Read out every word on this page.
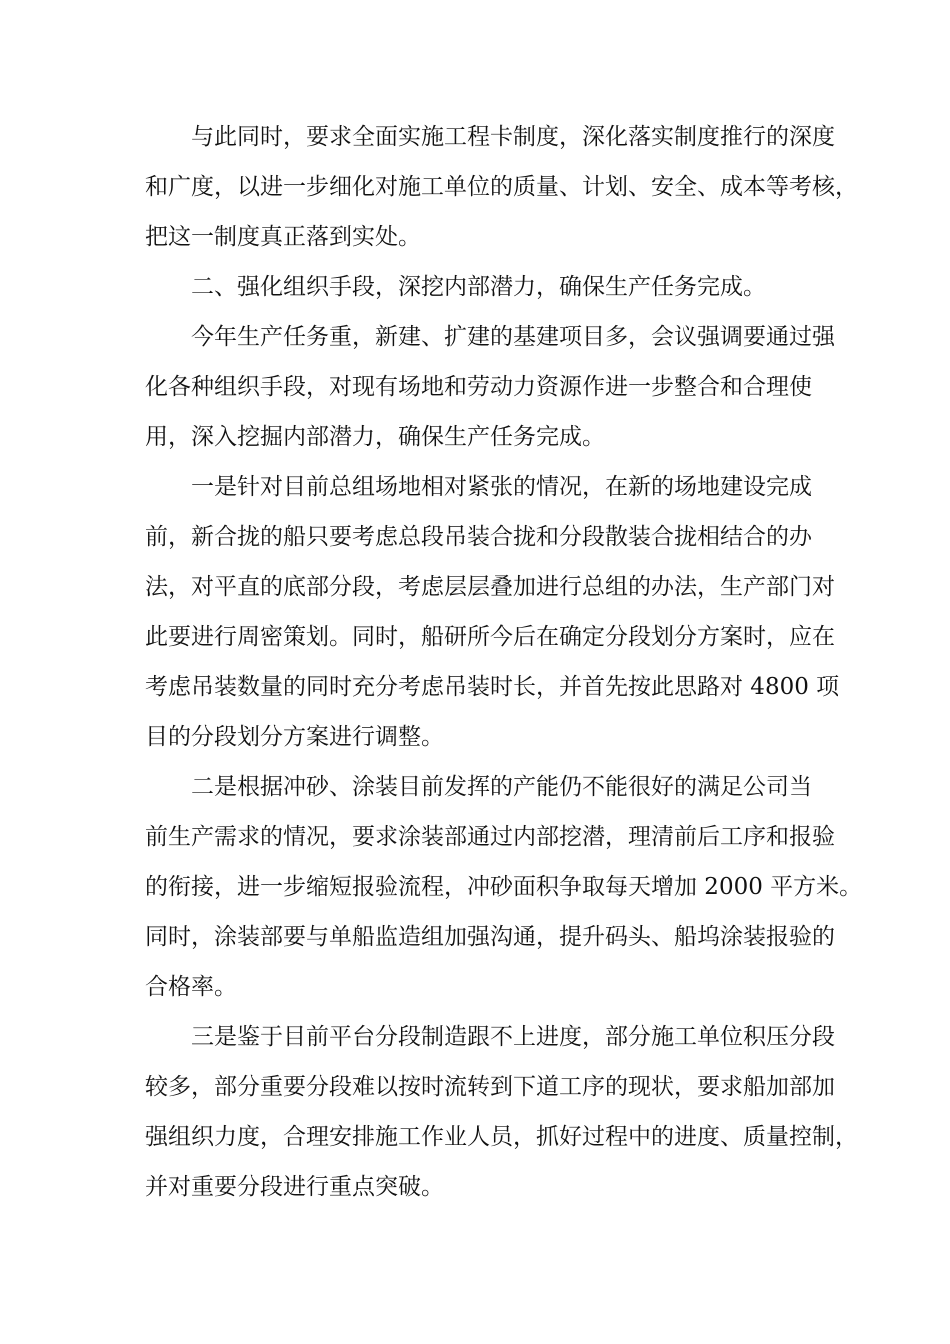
与此同时，要求全面实施工程卡制度，深化落实制度推行的深度
和广度，以进一步细化对施工单位的质量、计划、安全、成本等考核，
把这一制度真正落到实处。
二、强化组织手段，深挖内部潜力，确保生产任务完成。
今年生产任务重，新建、扩建的基建项目多，会议强调要通过强
化各种组织手段，对现有场地和劳动力资源作进一步整合和合理使
用，深入挖掘内部潜力，确保生产任务完成。
一是针对目前总组场地相对紧张的情况，在新的场地建设完成
前，新合拢的船只要考虑总段吊装合拢和分段散装合拢相结合的办
法，对平直的底部分段，考虑层层叠加进行总组的办法，生产部门对
此要进行周密策划。同时，船研所今后在确定分段划分方案时，应在
考虑吊装数量的同时充分考虑吊装时长，并首先按此思路对 4800 项
目的分段划分方案进行调整。
二是根据冲砂、涂装目前发挥的产能仍不能很好的满足公司当
前生产需求的情况，要求涂装部通过内部挖潜，理清前后工序和报验
的衔接，进一步缩短报验流程，冲砂面积争取每天增加 2000 平方米。
同时，涂装部要与单船监造组加强沟通，提升码头、船坞涂装报验的
合格率。
三是鉴于目前平台分段制造跟不上进度，部分施工单位积压分段
较多，部分重要分段难以按时流转到下道工序的现状，要求船加部加
强组织力度，合理安排施工作业人员，抓好过程中的进度、质量控制，
并对重要分段进行重点突破。
